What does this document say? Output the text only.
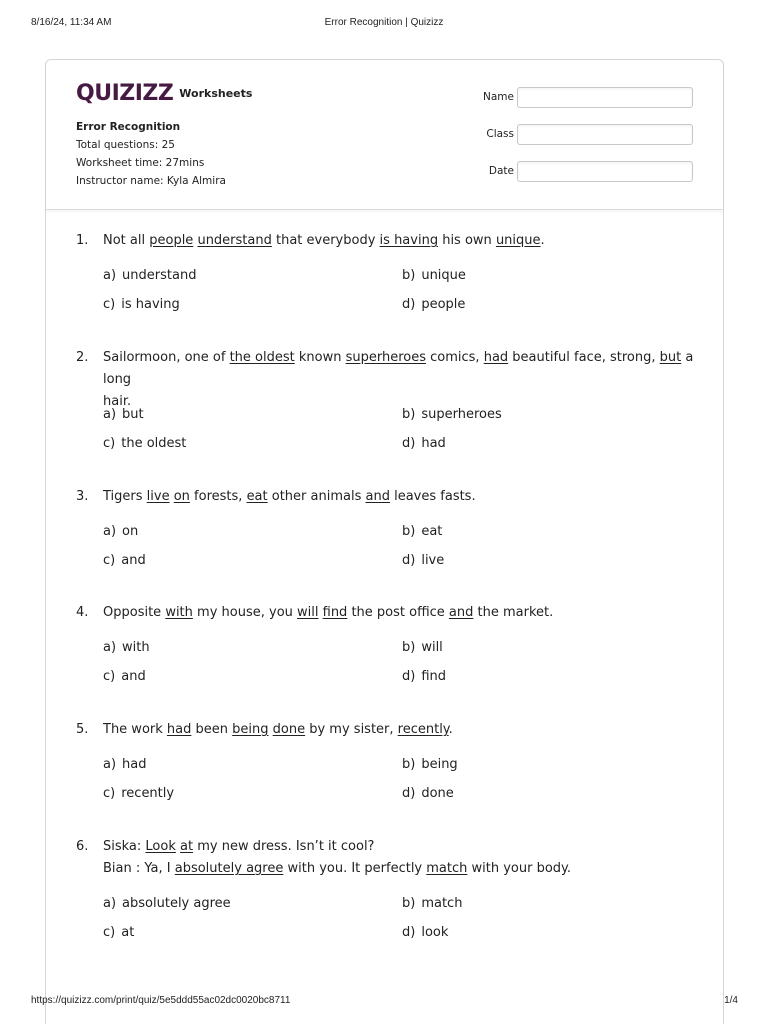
8/16/24, 11:34 AM	Error Recognition | Quizizz
QUIZIZZ Worksheets
Error Recognition
Total questions: 25
Worksheet time: 27mins
Instructor name: Kyla Almira
Name
Class
Date
1. Not all people understand that everybody is having his own unique.
a) understand	b) unique
c) is having	d) people
2. Sailormoon, one of the oldest known superheroes comics, had beautiful face, strong, but a long
hair.
a) but	b) superheroes
c) the oldest	d) had
3. Tigers live on forests, eat other animals and leaves fasts.
a) on	b) eat
c) and	d) live
4. Opposite with my house, you will find the post office and the market.
a) with	b) will
c) and	d) find
5. The work had been being done by my sister, recently.
a) had	b) being
c) recently	d) done
6. Siska: Look at my new dress. Isn’t it cool?
Bian : Ya, I absolutely agree with you. It perfectly match with your body.
a) absolutely agree	b) match
c) at	d) look
https://quizizz.com/print/quiz/5e5ddd55ac02dc0020bc8711	1/4
